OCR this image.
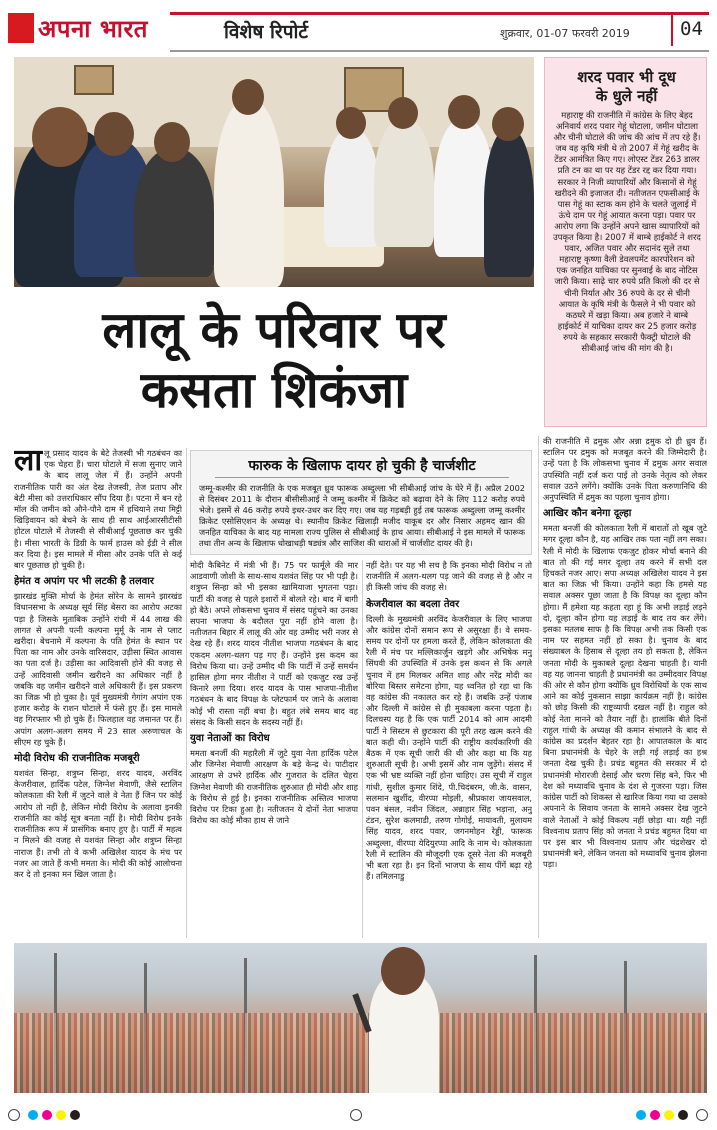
अपना भारत	विशेष रिपोर्ट	शुक्रवार, 01-07 फरवरी 2019	04
लालू के परिवार पर
कसता शिकंजा
शरद पवार भी दूध
के धुले नहीं
महाराष्ट्र की राजनीति में कांग्रेस के लिए बेहद अनिवार्य शरद पवार गेहूं घोटाला, जमीन घोटाला और चीनी घोटाले की जांच की आंच में तप रहे हैं। जब वह कृषि मंत्री थे तो 2007 में गेहूं खरीद के टेंडर आमंत्रित किए गए। लोएस्ट टेंडर 263 डालर प्रति टन का था पर यह टेंडर रद्द कर दिया गया। सरकार ने निजी व्यापारियों और किसानों से गेहूं खरीदने की इजाजत दी। नतीजतन एफसीआई के पास गेहूं का स्टाक कम होने के चलते जुलाई में ऊंचे दाम पर गेहूं आयात करना पड़ा। पवार पर आरोप लगा कि उन्होंने अपने खास व्यापारियों को उपकृत किया है। 2007 में बाम्बे हाईकोर्ट ने शरद पवार, अजित पवार और सदानंद सुले तथा महाराष्ट्र कृष्णा वैली डेवलपमेंट कारपोरेशन को एक जनहित याचिका पर सुनवाई के बाद नोटिस जारी किया। साढ़े चार रुपये प्रति किलो की दर से चीनी निर्यात और 36 रुपये के दर से चीनी आयात के कृषि मंत्री के फैसले ने भी पवार को कठघरे में खड़ा किया। अब हजारे ने बाम्बे हाईकोर्ट में याचिका दायर कर 25 हजार करोड़ रुपये के सहकार सरकारी फैक्ट्री घोटाले की सीबीआई जांच की मांग की है।

लालू प्रसाद यादव के बेटे तेजस्वी भी गठबंधन का एक चेहरा हैं। चारा घोटाले में सजा सुनाए जाने के बाद लालू जेल में हैं। उन्होंने अपनी राजनीतिक पारी का अंत देख तेजस्वी, तेज प्रताप और बेटी मीसा को उत्तराधिकार सौंप दिया है। पटना में बन रहे मॉल की जमीन को औने-पौने दाम में हथियाने तथा मिट्टी खिड़िवायन को बेचने के साथ ही साथ आईआरसीटीसी होटल घोटाले में तेजस्वी से सीबीआई पूछताछ कर चुकी है। मीसा भारती के डिग्री के फार्म हाउस को ईडी ने सील कर दिया है। इस मामले में मीसा और उनके पति से कई बार पूछताछ हो चुकी है।

हेमंत व अपांग पर भी लटकी है तलवार

झारखंड मुक्ति मोर्चा के हेमंत सोरेन के सामने झारखंड विधानसभा के अध्यक्ष सूर्य सिंह बेसरा का आरोप अटका पड़ा है जिसके मुताबिक उन्होंने रांची में 44 लाख की लागत से अपनी पत्नी कल्पना मुर्मू के नाम से प्लाट खरीदा। बेचनामे में कल्पना के पति हेमंत के स्थान पर पिता का नाम और उनके वारिसदार, उड़ीसा स्थित आवास का पता दर्ज है। उड़ीसा का आदिवासी होने की वजह से उन्हें आदिवासी जमीन खरीदने का अधिकार नहीं है जबकि वह जमीन खरीदने वाले अधिकारी हैं। इस प्रकरण का जिक्र भी हो चुका है। पूर्व मुख्यमंत्री गेगांग अपांग एक हजार करोड़ के राशन घोटाले में फंसे हुए हैं। इस मामले वह गिरफ्तार भी हो चुके हैं। फिलहाल वह जमानत पर हैं। अपांग अलग-अलग समय में 23 साल अरुणाचल के सीएम रह चुके हैं।

मोदी विरोध की राजनीतिक मजबूरी

यशवंत सिन्हा, शत्रुघ्न सिन्हा, शरद यादव, अरविंद केजरीवाल, हार्दिक पटेल, जिग्नेश मेवाणी, जैसे स्टालिन कोलकाता की रैली में जुटने वाले वे नेता हैं जिन पर कोई आरोप तो नहीं है, लेकिन मोदी विरोध के अलावा इनकी राजनीति का कोई सूत्र बनता नहीं है। मोदी विरोध इनके राजनीतिक रूप में प्रासंगिक बनाए हुए है। पार्टी में महत्व न मिलने की वजह से यशवंत सिन्हा और शत्रुघ्न सिन्हा नाराज हैं। तभी तो वे कभी अखिलेश यादव के मंच पर नजर आ जाते हैं कभी ममता के। मोदी की कोई आलोचना कर दे तो इनका मन खिल जाता है।

फारुक के खिलाफ दायर हो चुकी है चार्जशीट
जम्मू-कश्मीर की राजनीति के एक मजबूत ध्रुव फारूक अब्दुल्ला भी सीबीआई जांच के घेरे में हैं। अप्रैल 2002 से दिसंबर 2011 के दौरान बीसीसीआई ने जम्मू कश्मीर में क्रिकेट को बढ़ावा देने के लिए 112 करोड़ रुपये भेजे। इसमें से 46 करोड़ रुपये इधर-उधर कर दिए गए। जब यह गड़बड़ी हुई तब फारूक अब्दुल्ला जम्मू कश्मीर क्रिकेट एसोसिएशन के अध्यक्ष थे। स्थानीय क्रिकेट खिलाड़ी मजीद याकूब दर और निसार अहमद खान की जनहित याचिका के बाद यह मामला राज्य पुलिस से सीबीआई के हाथ आया। सीबीआई ने इस मामले में फारूक तथा तीन अन्य के खिलाफ धोखाधड़ी षड्यंत्र और साजिश की धाराओं में चार्जशीट दायर की है।

मोदी कैबिनेट में मंत्री भी हैं। 75 पर फार्मूले की मार आडवाणी जोशी के साथ-साथ यशवंत सिंह पर भी पड़ी है। शत्रुघ्न सिन्हा को भी इसका खामियाजा भुगतना पड़ा। पार्टी की वजह से पहले इशारों में बोलते रहे। बाद में बागी हो बैठे। अपने लोकसभा चुनाव में संसद पहुंचने का उनका सपना भाजपा के बदौलत पूरा नहीं होने वाला है। नतीजतन बिहार में लालू की ओर वह उम्मीद भरी नजर से देख रहे हैं। शरद यादव नीतीश भाजपा गठबंधन के बाद एकदम अलग-थलग पड़ गए हैं। उन्होंने इस कदम का विरोध किया था। उन्हें उम्मीद थी कि पार्टी में उन्हें समर्थन हासिल होगा मगर नीतीश ने पार्टी को एकजुट रख उन्हें किनारे लगा दिया। शरद यादव के पास भाजपा-नीतीश गठबंधन के बाद विपक्ष के प्लेटफार्म पर जाने के अलावा कोई भी रास्ता नहीं बचा है। बहुत लंबे समय बाद वह संसद के किसी सदन के सदस्य नहीं हैं।

युवा नेताओं का विरोध

ममता बनर्जी की महारैली में जुटे युवा नेता हार्दिक पटेल और जिग्नेश मेवाणी आरक्षण के बड़े केन्द्र थे। पाटीदार आरक्षण से उभरे हार्दिक और गुजरात के दलित चेहरा जिग्नेश मेवाणी की राजनीतिक शुरुआत ही मोदी और शाह के विरोध से हुई है। इनका राजनीतिक अस्तित्व भाजपा विरोध पर टिका हुआ है। नतीजतन ये दोनों नेता भाजपा विरोध का कोई मौका हाथ से जाने

नहीं देते। पर यह भी सच है कि इनका मोदी विरोध न तो राजनीति में अलग-थलग पड़ जाने की वजह से है और न ही किसी जांच की वजह से।

केजरीवाल का बदला तेवर

दिल्ली के मुख्यमंत्री अरविंद केजरीवाल के लिए भाजपा और कांग्रेस दोनों समान रूप से असुरक्षा हैं। वे समय-समय पर दोनों पर हमला करते हैं, लेकिन कोलकाता की रैली में मंच पर मल्लिकार्जुन खड़गे और अभिषेक मनु सिंघवी की उपस्थिति में उनके इस कथन से कि अगले चुनाव में हम मिलकर अमित शाह और नरेंद्र मोदी का बोरिया बिस्तर समेटना होगा, यह ध्वनित हो रहा था कि वह कांग्रेस की नकालत कर रहे हैं। जबकि उन्हें पंजाब और दिल्ली में कांग्रेस से ही मुकाबला करना पड़ता है। दिलचस्प यह है कि एक पार्टी 2014 को आम आदमी पार्टी ने सिस्टम से छुटकारा की पूरी तरह खत्म करने की बात कही थी। उन्होंने पार्टी की राष्ट्रीय कार्यकारिणी की बैठक में एक सूची जारी की थी और कहा था कि यह शुरुआती सूची है। अभी इसमें और नाम जुड़ेंगे। संसद में एक भी भ्रष्ट व्यक्ति नहीं होना चाहिए। उस सूची में राहुल गांधी, सुशील कुमार शिंदे, पी.चिदंबरम, जी.के. वासन, सलमान खुर्शीद, वीरप्पा मोइली, श्रीप्रकाश जायसवाल, पवन बंसल, नवीन जिंदल, अन्नाहार सिंह भड़ाना, अनु टंडन, सुरेश कलमाडी, तरुण गोगोई, मायावती, मुलायम सिंह यादव, शरद पवार, जगनमोहन रेड्डी, फारूक अब्दुल्ला, वीरप्पा येदियुरप्पा आदि के नाम थे। कोलकाता रैली में स्टालिन की मौजूदगी एक दूसरे नेता की मजबूरी भी बता रहा है। इन दिनों भाजपा के साथ पींगें बढ़ा रहे हैं। तमिलनाडु

की राजनीति में द्रमुक और अन्ना द्रमुक दो ही ध्रुव हैं। स्टालिन पर द्रमुक को मजबूत करने की जिम्मेदारी है। उन्हें पता है कि लोकसभा चुनाव में द्रमुक अगर सवाल उपस्थिति नहीं दर्ज करा पाई तो उनके नेतृत्व को लेकर सवाल उठने लगेंगे। क्योंकि उनके पिता करुणानिधि की अनुपस्थिति में द्रमुक का पहला चुनाव होगा।

आखिर कौन बनेगा दूल्हा

ममता बनर्जी की कोलकाता रैली में बारातों तो खूब जुटे मगर दूल्हा कौन है, यह आखिर तक पता नहीं लग सका। रैली में मोदी के खिलाफ एकजुट होकर मोर्चा बनाने की बात तो की गई मगर दूल्हा तय करने में सभी दल हिचकते नजर आए। सपा अध्यक्ष अखिलेश यादव ने इस बात का जिक्र भी किया। उन्होंने कहा कि हमसे यह सवाल अक्सर पूछा जाता है कि विपक्ष का दूल्हा कौन होगा। मैं हमेशा यह कहता रहा हूं कि अभी लड़ाई लड़ने दो, दूल्हा कौन होगा यह लड़ाई के बाद तय कर लेंगे। इसका मतलब साफ है कि विपक्ष अभी तक किसी एक नाम पर सहमत नहीं हो सका है। चुनाव के बाद संख्याबल के हिसाब से दूल्हा तय हो सकता है, लेकिन जनता मोदी के मुकाबले दूल्हा देखना चाहती है। यानी वह यह जानना चाहती है प्रधानमंत्री का उम्मीदवार विपक्ष की ओर से कौन होगा क्योंकि ध्रुव विरोधियों के एक साथ आने का कोई नुकसान साझा कार्यक्रम नहीं है। कांग्रेस को छोड़ किसी की राष्ट्रव्यापी दखल नहीं है। राहुल को कोई नेता मानने को तैयार नहीं है। हालांकि बीते दिनों राहुल गांधी के अध्यक्ष की कमान संभालने के बाद से कांग्रेस का प्रदर्शन बेहतर रहा है। आपातकाल के बाद बिना प्रधानमंत्री के चेहरे के लड़ी गई लड़ाई का हश्र जनता देख चुकी है। प्रचंड बहुमत की सरकार में दो प्रधानमंत्री मोरारजी देसाई और चरण सिंह बने, फिर भी देश को मध्यावधि चुनाव के दंश से गुजरना पड़ा। जिस कांग्रेस पार्टी को शिकस्त से खारिज किया गया था उसको अपनाने के सिवाय जनता के सामने अक्सर देख जुटने वाले नेताओं ने कोई विकल्प नहीं छोड़ा था। यही नहीं विश्वनाथ प्रताप सिंह को जनता ने प्रचंड बहुमत दिया था पर इस बार भी विश्वनाथ प्रताप और चंद्रशेखर दो प्रधानमंत्री बने, लेकिन जनता को मध्यावधि चुनाव झेलना पड़ा।
